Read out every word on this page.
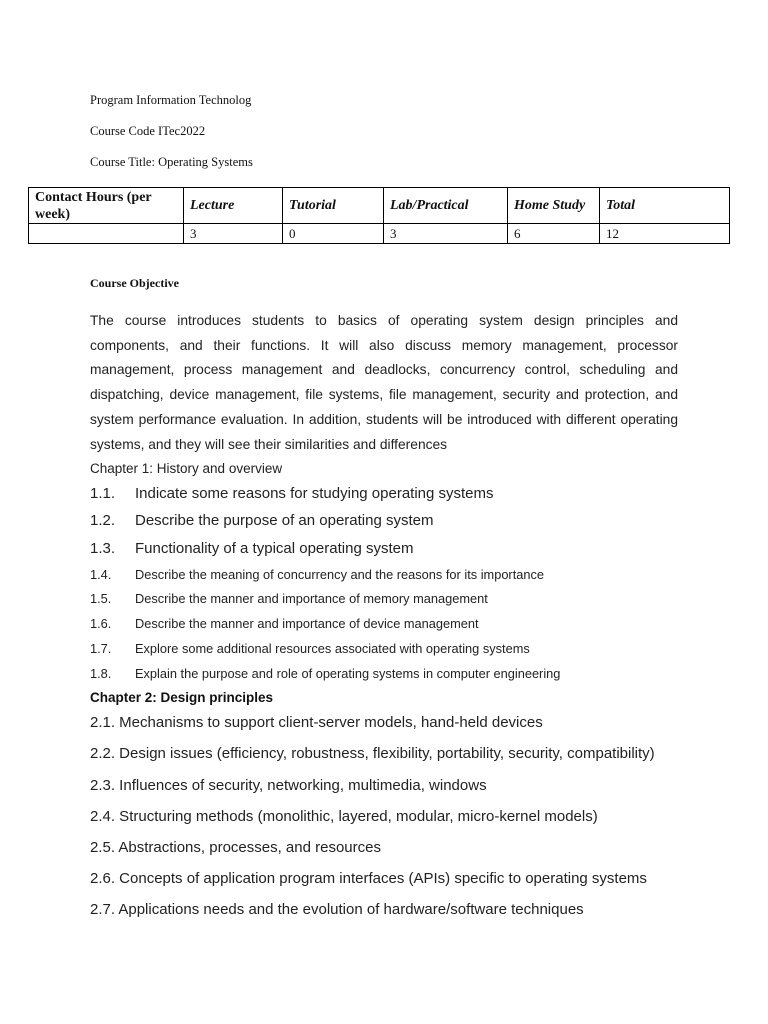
Program Information Technolog
Course Code ITec2022
Course Title: Operating Systems
Contact Hours (per week)	Lecture	Tutorial	Lab/Practical	Home Study	Total
	3	0	3	6	12
Course Objective
The course introduces students to basics of operating system design principles and components, and their functions. It will also discuss memory management, processor management, process management and deadlocks, concurrency control, scheduling and dispatching, device management, file systems, file management, security and protection, and system performance evaluation. In addition, students will be introduced with different operating systems, and they will see their similarities and differences
Chapter 1: History and overview
1.1. Indicate some reasons for studying operating systems
1.2. Describe the purpose of an operating system
1.3. Functionality of a typical operating system
1.4. Describe the meaning of concurrency and the reasons for its importance
1.5. Describe the manner and importance of memory management
1.6. Describe the manner and importance of device management
1.7. Explore some additional resources associated with operating systems
1.8. Explain the purpose and role of operating systems in computer engineering
Chapter 2: Design principles
2.1. Mechanisms to support client-server models, hand-held devices
2.2. Design issues (efficiency, robustness, flexibility, portability, security, compatibility)
2.3. Influences of security, networking, multimedia, windows
2.4. Structuring methods (monolithic, layered, modular, micro-kernel models)
2.5. Abstractions, processes, and resources
2.6. Concepts of application program interfaces (APIs) specific to operating systems
2.7. Applications needs and the evolution of hardware/software techniques
